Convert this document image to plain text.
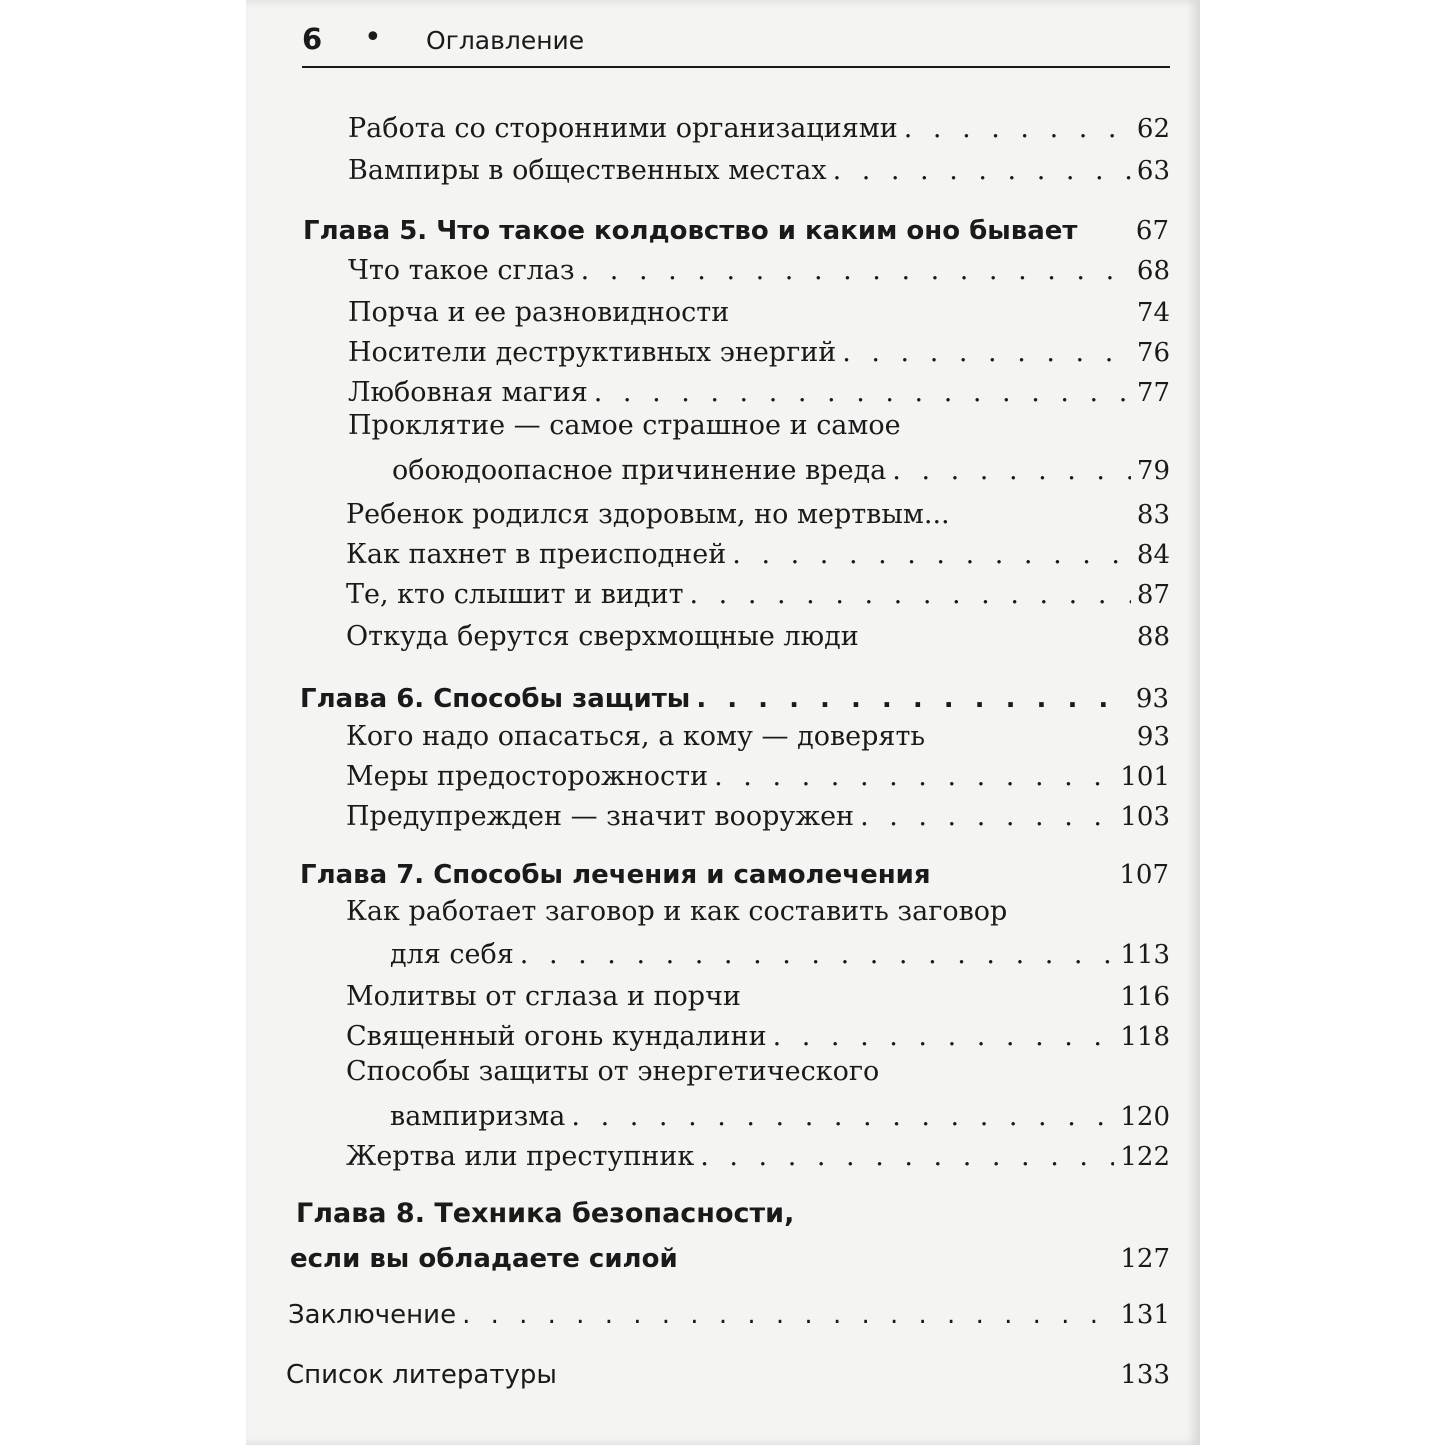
6 • Оглавление
Работа со сторонними организациями . . .	62
Вампиры в общественных местах . . .	63
Глава 5. Что такое колдовство и каким оно бывает 67
Что такое сглаз . . .	68
Порча и ее разновидности	74
Носители деструктивных энергий . . .	76
Любовная магия . . .	77
Проклятие — самое страшное и самое
обоюдоопасное причинение вреда . . .	79
Ребенок родился здоровым, но мертвым...	83
Как пахнет в преисподней . . .	84
Те, кто слышит и видит . . .	87
Откуда берутся сверхмощные люди	88
Глава 6. Способы защиты . . .	93
Кого надо опасаться, а кому — доверять	93
Меры предосторожности . . .	101
Предупрежден — значит вооружен . . .	103
Глава 7. Способы лечения и самолечения	107
Как работает заговор и как составить заговор
для себя . . .	113
Молитвы от сглаза и порчи	116
Священный огонь кундалини . . .	118
Способы защиты от энергетического
вампиризма . . .	120
Жертва или преступник . . .	122
Глава 8. Техника безопасности,
если вы обладаете силой	127
Заключение . . .	131
Список литературы	133
